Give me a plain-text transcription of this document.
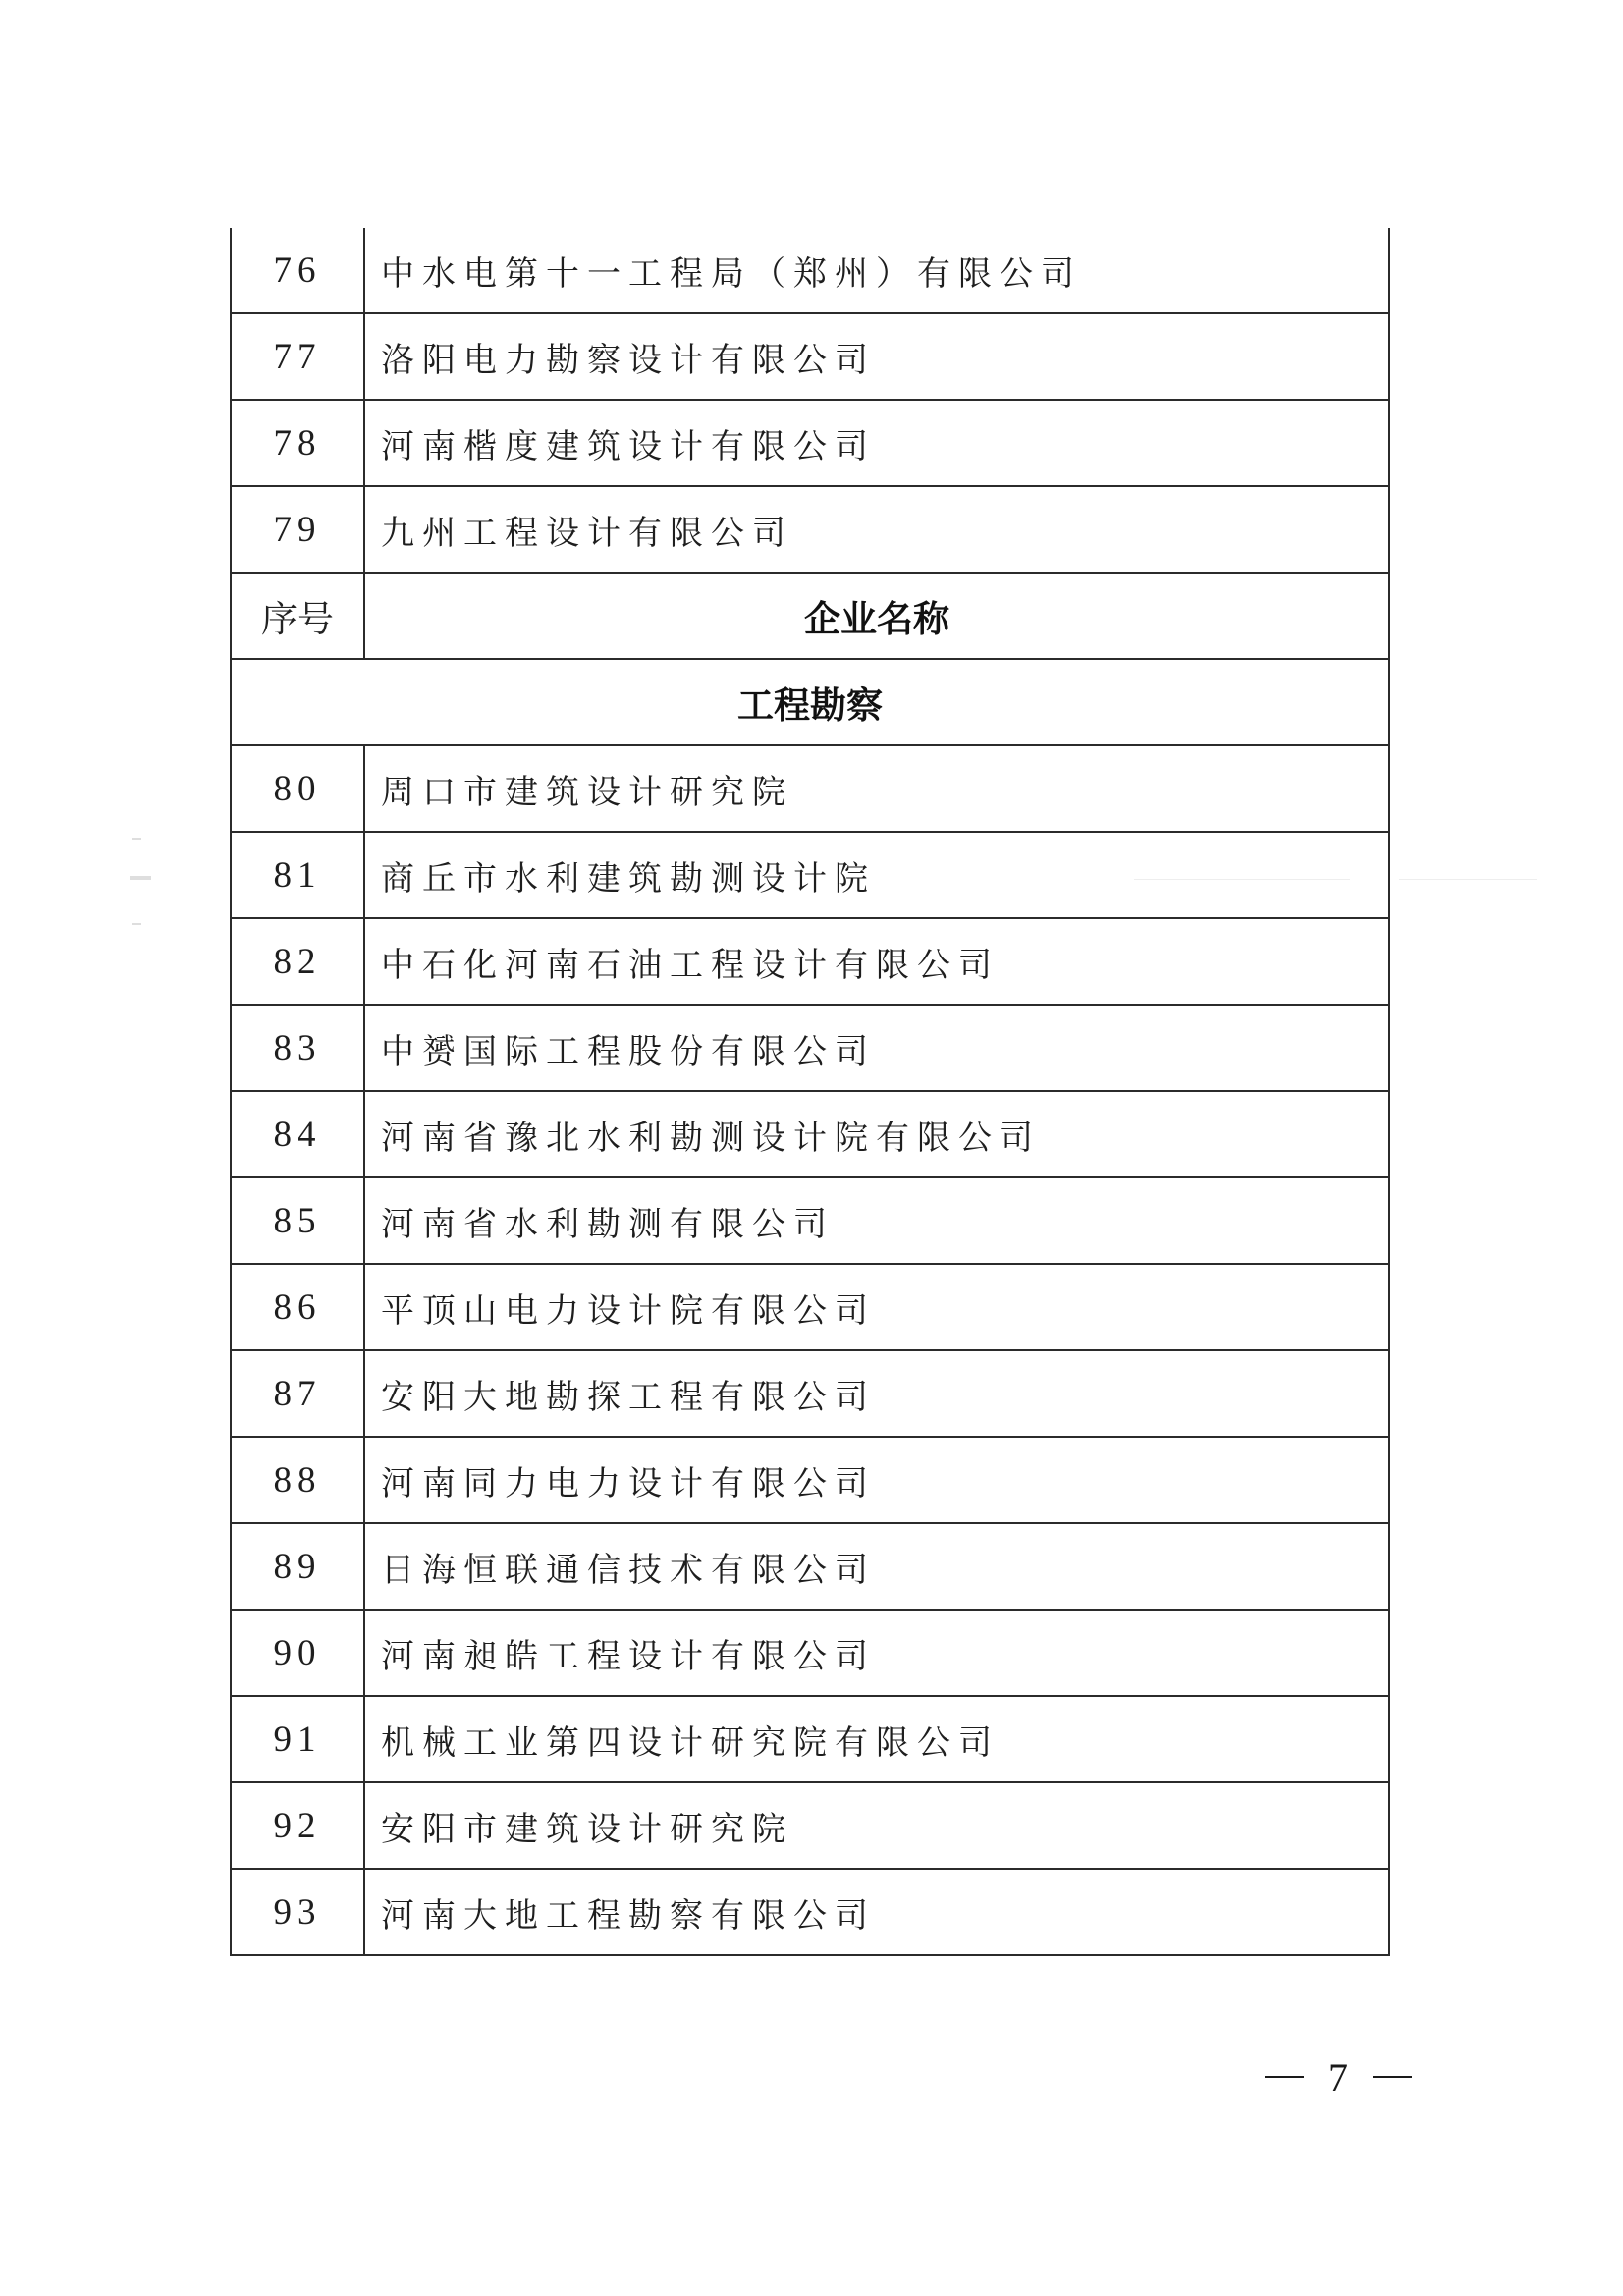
76	中水电第十一工程局（郑州）有限公司
77	洛阳电力勘察设计有限公司
78	河南楷度建筑设计有限公司
79	九州工程设计有限公司
序号	企业名称
工程勘察	
80	周口市建筑设计研究院
81	商丘市水利建筑勘测设计院
82	中石化河南石油工程设计有限公司
83	中赟国际工程股份有限公司
84	河南省豫北水利勘测设计院有限公司
85	河南省水利勘测有限公司
86	平顶山电力设计院有限公司
87	安阳大地勘探工程有限公司
88	河南同力电力设计有限公司
89	日海恒联通信技术有限公司
90	河南昶皓工程设计有限公司
91	机械工业第四设计研究院有限公司
92	安阳市建筑设计研究院
93	河南大地工程勘察有限公司
7
